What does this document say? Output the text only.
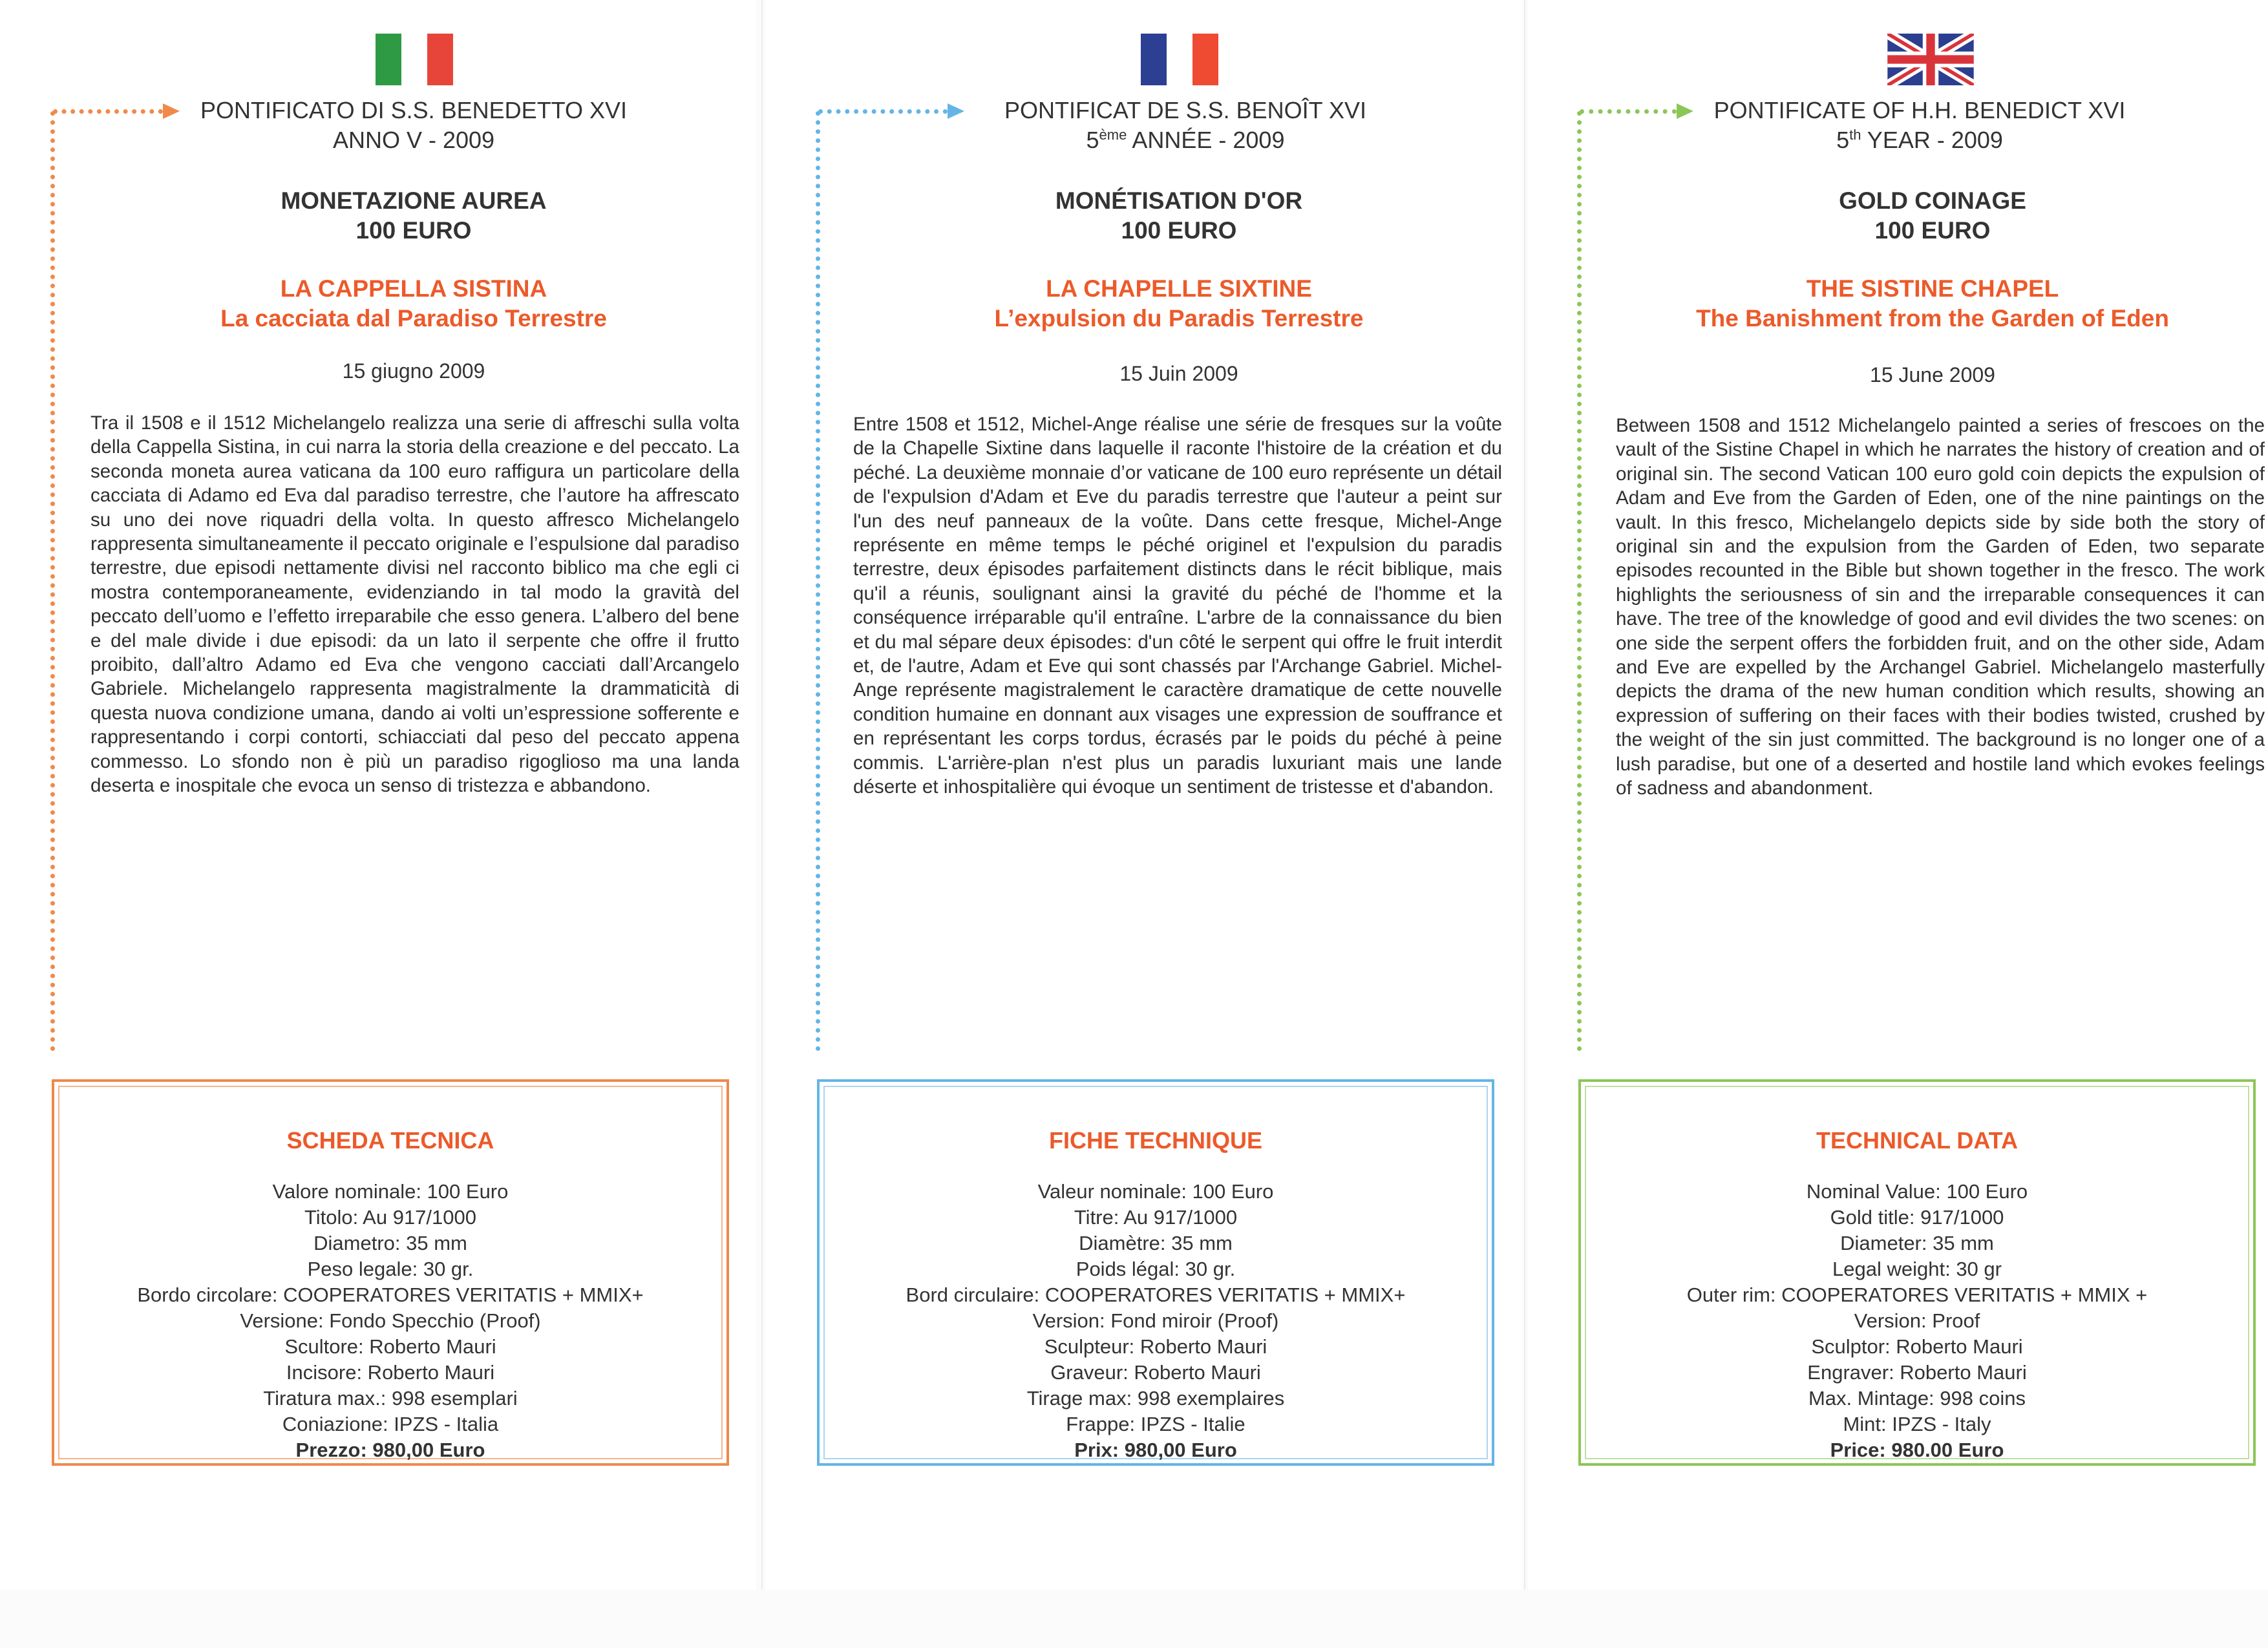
PONTIFICATO DI S.S. BENEDETTO XVI
ANNO V - 2009
MONETAZIONE AUREA
100 EURO
LA CAPPELLA SISTINA
La cacciata dal Paradiso Terrestre
15 giugno 2009
Tra il 1508 e il 1512 Michelangelo realizza una serie di affreschi sulla volta della Cappella Sistina, in cui narra la storia della creazione e del peccato. La seconda moneta aurea vaticana da 100 euro raffigura un particolare della cacciata di Adamo ed Eva dal paradiso terrestre, che l’autore ha affrescato su uno dei nove riquadri della volta. In questo affresco Michelangelo rappresenta simultaneamente il peccato originale e l’espulsione dal paradiso terrestre, due episodi nettamente divisi nel racconto biblico ma che egli ci mostra contemporaneamente, evidenziando in tal modo la gravità del peccato dell’uomo e l’effetto irreparabile che esso genera. L’albero del bene e del male divide i due episodi: da un lato il serpente che offre il frutto proibito, dall’altro Adamo ed Eva che vengono cacciati dall’Arcangelo Gabriele. Michelangelo rappresenta magistralmente la drammaticità di questa nuova condizione umana, dando ai volti un’espressione sofferente e rappresentando i corpi contorti, schiacciati dal peso del peccato appena commesso. Lo sfondo non è più un paradiso rigoglioso ma una landa deserta e inospitale che evoca un senso di tristezza e abbandono.
SCHEDA TECNICA
Valore nominale: 100 Euro
Titolo: Au 917/1000
Diametro: 35 mm
Peso legale: 30 gr.
Bordo circolare: COOPERATORES VERITATIS + MMIX+
Versione: Fondo Specchio (Proof)
Scultore: Roberto Mauri
Incisore: Roberto Mauri
Tiratura max.: 998 esemplari
Coniazione: IPZS - Italia
Prezzo: 980,00 Euro
PONTIFICAT DE S.S. BENOÎT XVI
5ème ANNÉE - 2009
MONÉTISATION D'OR
100 EURO
LA CHAPELLE SIXTINE
L’expulsion du Paradis Terrestre
15 Juin 2009
Entre 1508 et 1512, Michel-Ange réalise une série de fresques sur la voûte de la Chapelle Sixtine dans laquelle il raconte l'histoire de la création et du péché. La deuxième monnaie d’or vaticane de 100 euro représente un détail de l'expulsion d'Adam et Eve du paradis terrestre que l'auteur a peint sur l'un des neuf panneaux de la voûte. Dans cette fresque, Michel-Ange représente en même temps le péché originel et l'expulsion du paradis terrestre, deux épisodes parfaitement distincts dans le récit biblique, mais qu'il a réunis, soulignant ainsi la gravité du péché de l'homme et la conséquence irréparable qu'il entraîne. L'arbre de la connaissance du bien et du mal sépare deux épisodes: d'un côté le serpent qui offre le fruit interdit et, de l'autre, Adam et Eve qui sont chassés par l'Archange Gabriel. Michel-Ange représente magistralement le caractère dramatique de cette nouvelle condition humaine en donnant aux visages une expression de souffrance et en représentant les corps tordus, écrasés par le poids du péché à peine commis. L'arrière-plan n'est plus un paradis luxuriant mais une lande déserte et inhospitalière qui évoque un sentiment de tristesse et d'abandon.
FICHE TECHNIQUE
Valeur nominale: 100 Euro
Titre: Au 917/1000
Diamètre: 35 mm
Poids légal: 30 gr.
Bord circulaire: COOPERATORES VERITATIS + MMIX+
Version: Fond miroir (Proof)
Sculpteur: Roberto Mauri
Graveur: Roberto Mauri
Tirage max: 998 exemplaires
Frappe: IPZS - Italie
Prix: 980,00 Euro
PONTIFICATE OF H.H. BENEDICT XVI
5th YEAR - 2009
GOLD COINAGE
100 EURO
THE SISTINE CHAPEL
The Banishment from the Garden of Eden
15 June 2009
Between 1508 and 1512 Michelangelo painted a series of frescoes on the vault of the Sistine Chapel in which he narrates the history of creation and of original sin. The second Vatican 100 euro gold coin depicts the expulsion of Adam and Eve from the Garden of Eden, one of the nine paintings on the vault. In this fresco, Michelangelo depicts side by side both the story of original sin and the expulsion from the Garden of Eden, two separate episodes recounted in the Bible but shown together in the fresco. The work highlights the seriousness of sin and the irreparable consequences it can have. The tree of the knowledge of good and evil divides the two scenes: on one side the serpent offers the forbidden fruit, and on the other side, Adam and Eve are expelled by the Archangel Gabriel. Michelangelo masterfully depicts the drama of the new human condition which results, showing an expression of suffering on their faces with their bodies twisted, crushed by the weight of the sin just committed. The background is no longer one of a lush paradise, but one of a deserted and hostile land which evokes feelings of sadness and abandonment.
TECHNICAL DATA
Nominal Value: 100 Euro
Gold title: 917/1000
Diameter: 35 mm
Legal weight: 30 gr
Outer rim: COOPERATORES VERITATIS + MMIX +
Version: Proof
Sculptor: Roberto Mauri
Engraver: Roberto Mauri
Max. Mintage: 998 coins
Mint: IPZS - Italy
Price: 980.00 Euro
